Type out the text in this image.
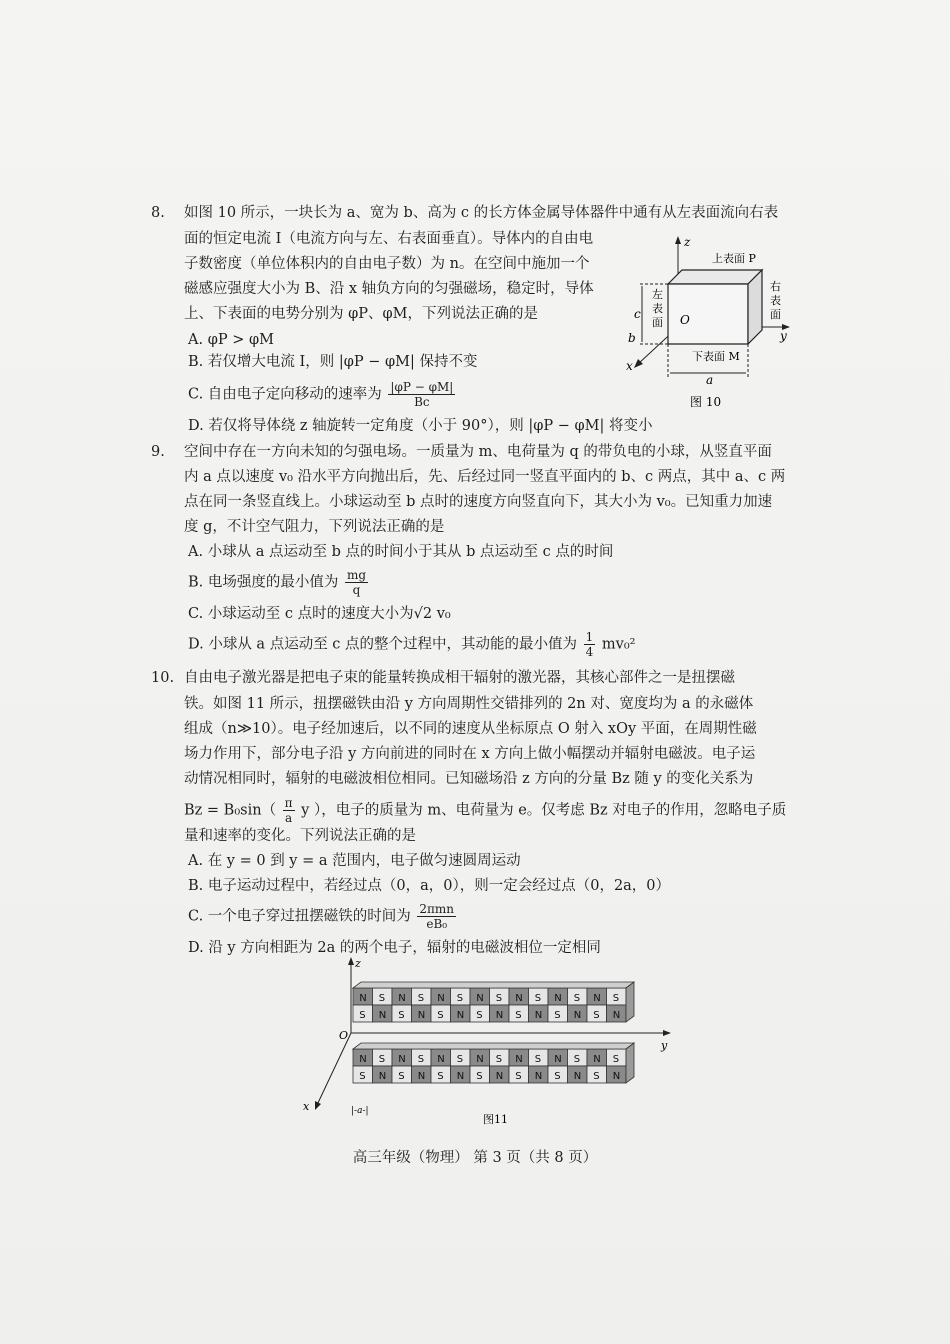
8. 如图 10 所示，一块长为 a、宽为 b、高为 c 的长方体金属导体器件中通有从左表面流向右表
面的恒定电流 I（电流方向与左、右表面垂直）。导体内的自由电
子数密度（单位体积内的自由电子数）为 n。在空间中施加一个
磁感应强度大小为 B、沿 x 轴负方向的匀强磁场，稳定时，导体
上、下表面的电势分别为 φP、φM，下列说法正确的是
A. φP > φM
B. 若仅增大电流 I，则 |φP − φM| 保持不变
C. 自由电子定向移动的速率为 $\frac{|\varphi P - \varphi M|}{Bc}$
D. 若仅将导体绕 z 轴旋转一定角度（小于 90°），则 |φP − φM| 将变小
z
y
x
O
上表面 P
下表面 M
左
表
面
右
表
面
c
b
a
图 10
9. 空间中存在一方向未知的匀强电场。一质量为 m、电荷量为 q 的带负电的小球，从竖直平面
内 a 点以速度 v₀ 沿水平方向抛出后，先、后经过同一竖直平面内的 b、c 两点，其中 a、c 两
点在同一条竖直线上。小球运动至 b 点时的速度方向竖直向下，其大小为 v₀。已知重力加速
度 g，不计空气阻力，下列说法正确的是
A. 小球从 a 点运动至 b 点的时间小于其从 b 点运动至 c 点的时间
B. 电场强度的最小值为 $\frac{mg}{q}$
C. 小球运动至 c 点时的速度大小为√2 v₀
D. 小球从 a 点运动至 c 点的整个过程中，其动能的最小值为 $\frac{1}{4} mv_0^2$
10. 自由电子激光器是把电子束的能量转换成相干辐射的激光器，其核心部件之一是扭摆磁
铁。如图 11 所示，扭摆磁铁由沿 y 方向周期性交错排列的 2n 对、宽度均为 a 的永磁体
组成（n≫10）。电子经加速后，以不同的速度从坐标原点 O 射入 xOy 平面，在周期性磁
场力作用下，部分电子沿 y 方向前进的同时在 x 方向上做小幅摆动并辐射电磁波。电子运
动情况相同时，辐射的电磁波相位相同。已知磁场沿 z 方向的分量 Bz 随 y 的变化关系为
$Bz = B_0\sin( \frac{\pi}{a}$ y ），电子的质量为 m、电荷量为 e。仅考虑 Bz 对电子的作用，忽略电子质
量和速率的变化。下列说法正确的是
A. 在 y = 0 到 y = a 范围内，电子做匀速圆周运动
B. 电子运动过程中，若经过点（0，a，0），则一定会经过点（0，2a，0）
C. 一个电子穿过扭摆磁铁的时间为 $\frac{\text{2πmn}}{\text{eB₀}}$
D. 沿 y 方向相距为 2a 的两个电子，辐射的电磁波相位一定相同
N S N S N S N S N S N S N S
S N S N S N S N S N S N S N
N S N S N S N S N S N S N S
S N S N S N S N S N S N S N
z
y
x
O
|-a-|
图11
高三年级（物理） 第 3 页（共 8 页）
